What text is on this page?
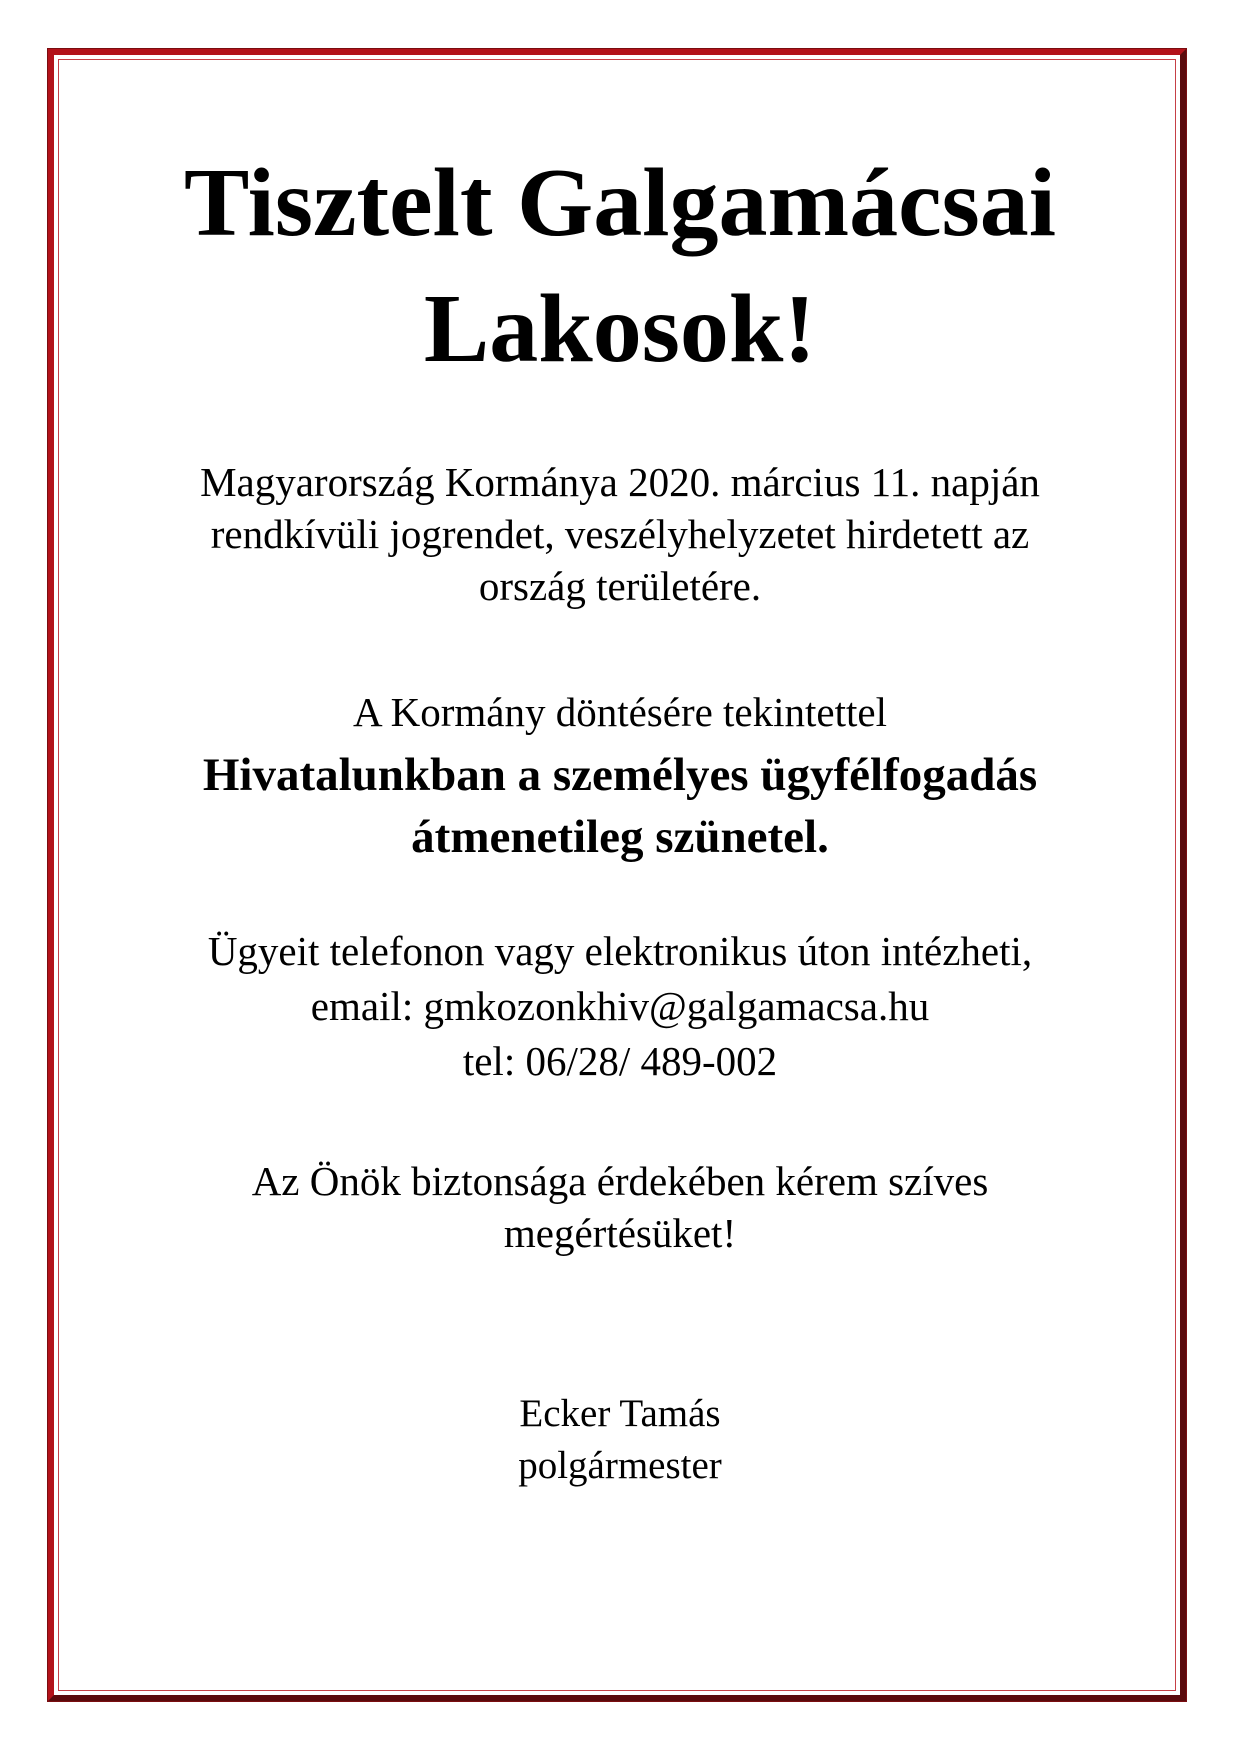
Tisztelt Galgamácsai
Lakosok!

Magyarország Kormánya 2020. március 11. napján
rendkívüli jogrendet, veszélyhelyzetet hirdetett az
ország területére.

A Kormány döntésére tekintettel

Hivatalunkban a személyes ügyfélfogadás
átmenetileg szünetel.

Ügyeit telefonon vagy elektronikus úton intézheti,
email: gmkozonkhiv@galgamacsa.hu
tel: 06/28/ 489-002

Az Önök biztonsága érdekében kérem szíves
megértésüket!

Ecker Tamás
polgármester
